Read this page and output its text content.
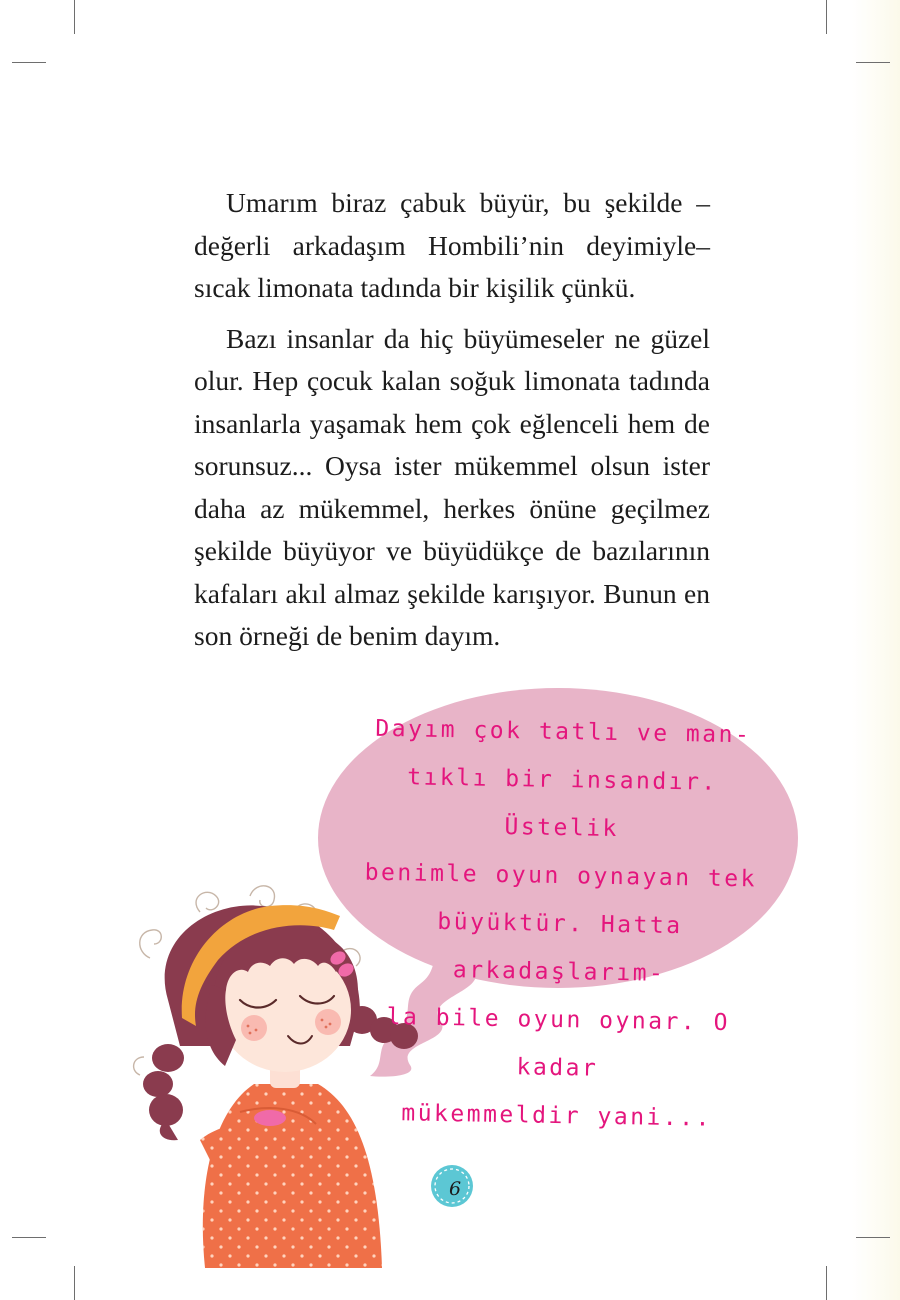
Umarım biraz çabuk büyür, bu şekilde –değerli arkadaşım Hombili’nin deyimiyle– sıcak limonata tadında bir kişilik çünkü.

Bazı insanlar da hiç büyümeseler ne güzel olur. Hep çocuk kalan soğuk limonata tadında insanlarla yaşamak hem çok eğlenceli hem de sorunsuz... Oysa ister mükemmel olsun ister daha az mükemmel, herkes önüne geçilmez şekilde büyüyor ve büyüdükçe de bazılarının kafaları akıl almaz şekilde karışıyor. Bunun en son örneği de benim dayım.

Dayım çok tatlı ve man-
tıklı bir insandır. Üstelik
benimle oyun oynayan tek
büyüktür. Hatta arkadaşlarım-
la bile oyun oynar. O kadar
mükemmeldir yani...
6
